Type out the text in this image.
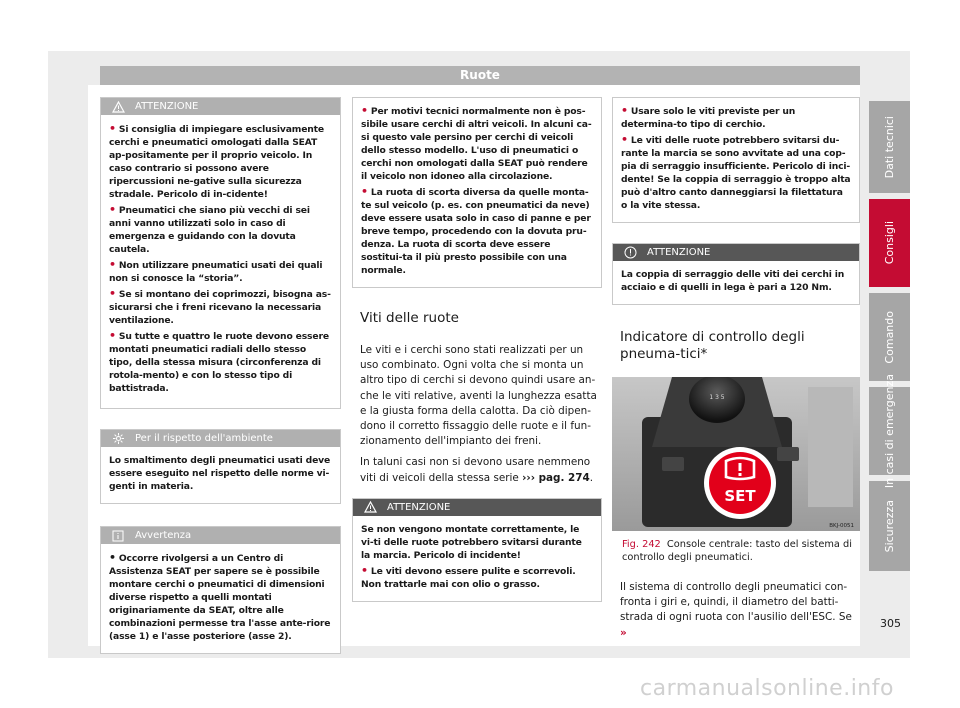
Ruote
ATTENZIONE

• Si consiglia di impiegare esclusivamente cerchi e pneumatici omologati dalla SEAT ap-positamente per il proprio veicolo. In caso contrario si possono avere ripercussioni ne-gative sulla sicurezza stradale. Pericolo di in-cidente!

• Pneumatici che siano più vecchi di sei anni vanno utilizzati solo in caso di emergenza e guidando con la dovuta cautela.

• Non utilizzare pneumatici usati dei quali non si conosce la “storia”.

• Se si montano dei coprimozzi, bisogna as-sicurarsi che i freni ricevano la necessaria ventilazione.

• Su tutte e quattro le ruote devono essere montati pneumatici radiali dello stesso tipo, della stessa misura (circonferenza di rotola-mento) e con lo stesso tipo di battistrada.

Per il rispetto dell'ambiente

Lo smaltimento degli pneumatici usati deve essere eseguito nel rispetto delle norme vi-genti in materia.

Avvertenza

• Occorre rivolgersi a un Centro di Assistenza SEAT per sapere se è possibile montare cerchi o pneumatici di dimensioni diverse rispetto a quelli montati originariamente da SEAT, oltre alle combinazioni permesse tra l'asse ante-riore (asse 1) e l'asse posteriore (asse 2).

• Per motivi tecnici normalmente non è pos-sibile usare cerchi di altri veicoli. In alcuni ca-si questo vale persino per cerchi di veicoli dello stesso modello. L'uso di pneumatici o cerchi non omologati dalla SEAT può rendere il veicolo non idoneo alla circolazione.

• La ruota di scorta diversa da quelle monta-te sul veicolo (p. es. con pneumatici da neve) deve essere usata solo in caso di panne e per breve tempo, procedendo con la dovuta pru-denza. La ruota di scorta deve essere sostitui-ta il più presto possibile con una normale.

Viti delle ruote

Le viti e i cerchi sono stati realizzati per un uso combinato. Ogni volta che si monta un altro tipo di cerchi si devono quindi usare an-che le viti relative, aventi la lunghezza esatta e la giusta forma della calotta. Da ciò dipen-dono il corretto fissaggio delle ruote e il fun-zionamento dell'impianto dei freni.

In taluni casi non si devono usare nemmeno viti di veicoli della stessa serie ››› pag. 274.

ATTENZIONE

Se non vengono montate correttamente, le vi-ti delle ruote potrebbero svitarsi durante la marcia. Pericolo di incidente!

• Le viti devono essere pulite e scorrevoli. Non trattarle mai con olio o grasso.

• Usare solo le viti previste per un determina-to tipo di cerchio.

• Le viti delle ruote potrebbero svitarsi du-rante la marcia se sono avvitate ad una cop-pia di serraggio insufficiente. Pericolo di inci-dente! Se la coppia di serraggio è troppo alta può d'altro canto danneggiarsi la filettatura o la vite stessa.

ATTENZIONE

La coppia di serraggio delle viti dei cerchi in acciaio e di quelli in lega è pari a 120 Nm.

Indicatore di controllo degli pneuma-tici*
1 3 5
SET
BKJ-0051

Fig. 242 Console centrale: tasto del sistema di controllo degli pneumatici.

Il sistema di controllo degli pneumatici con-fronta i giri e, quindi, il diametro del batti-strada di ogni ruota con l'ausilio dell'ESC. Se »

Dati tecnici
Consigli
Comando
In casi di emergenza
Sicurezza
305
carmanualsonline.info
